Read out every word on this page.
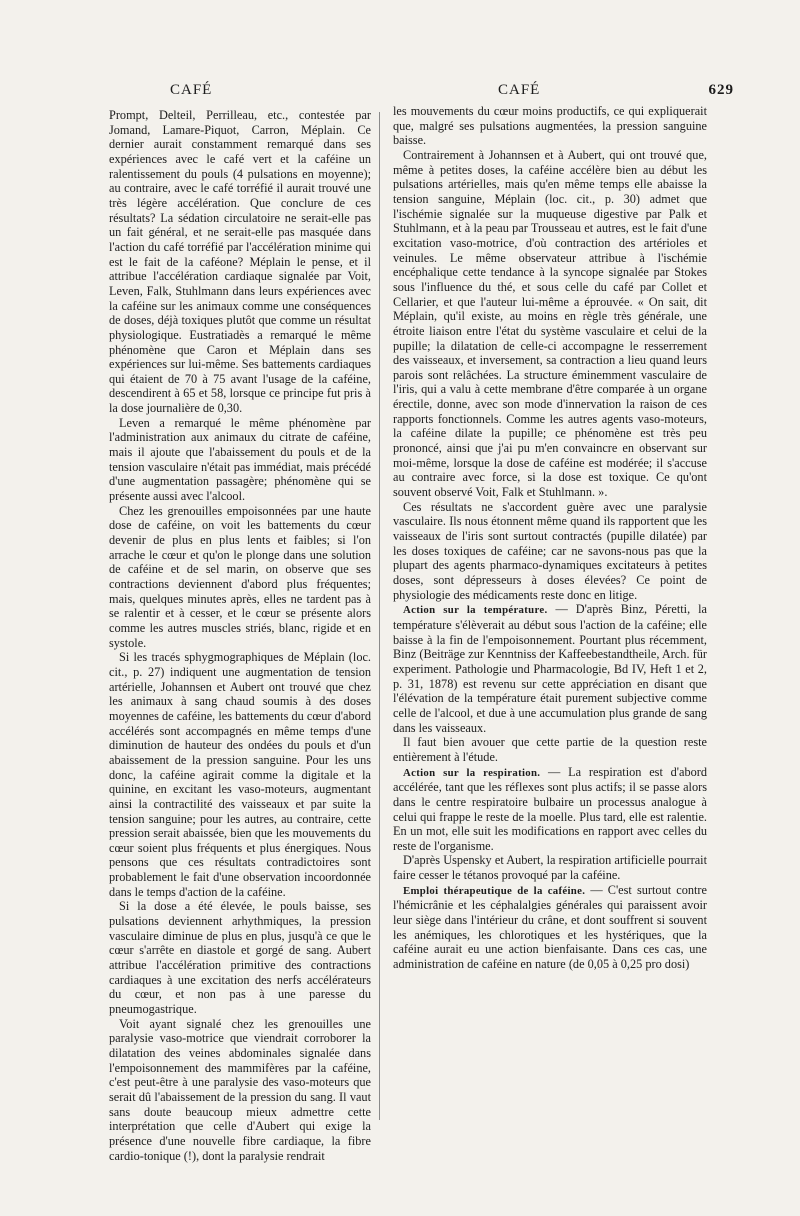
CAFÉ	CAFÉ	629

Prompt, Delteil, Perrilleau, etc., contestée par Jomand, Lamare-Piquot, Carron, Méplain. Ce dernier aurait constamment remarqué dans ses expériences avec le café vert et la caféine un ralentissement du pouls (4 pulsations en moyenne); au contraire, avec le café torréfié il aurait trouvé une très légère accélération. Que conclure de ces résultats? La sédation circulatoire ne serait-elle pas un fait général, et ne serait-elle pas masquée dans l'action du café torréfié par l'accélération minime qui est le fait de la caféone? Méplain le pense, et il attribue l'accélération cardiaque signalée par Voit, Leven, Falk, Stuhlmann dans leurs expériences avec la caféine sur les animaux comme une conséquences de doses, déjà toxiques plutôt que comme un résultat physiologique. Eustratiadès a remarqué le même phénomène que Caron et Méplain dans ses expériences sur lui-même. Ses battements cardiaques qui étaient de 70 à 75 avant l'usage de la caféine, descendirent à 65 et 58, lorsque ce principe fut pris à la dose journalière de 0,30.

Leven a remarqué le même phénomène par l'administration aux animaux du citrate de caféine, mais il ajoute que l'abaissement du pouls et de la tension vasculaire n'était pas immédiat, mais précédé d'une augmentation passagère; phénomène qui se présente aussi avec l'alcool.

Chez les grenouilles empoisonnées par une haute dose de caféine, on voit les battements du cœur devenir de plus en plus lents et faibles; si l'on arrache le cœur et qu'on le plonge dans une solution de caféine et de sel marin, on observe que ses contractions deviennent d'abord plus fréquentes; mais, quelques minutes après, elles ne tardent pas à se ralentir et à cesser, et le cœur se présente alors comme les autres muscles striés, blanc, rigide et en systole.

Si les tracés sphygmographiques de Méplain (loc. cit., p. 27) indiquent une augmentation de tension artérielle, Johannsen et Aubert ont trouvé que chez les animaux à sang chaud soumis à des doses moyennes de caféine, les battements du cœur d'abord accélérés sont accompagnés en même temps d'une diminution de hauteur des ondées du pouls et d'un abaissement de la pression sanguine. Pour les uns donc, la caféine agirait comme la digitale et la quinine, en excitant les vaso-moteurs, augmentant ainsi la contractilité des vaisseaux et par suite la tension sanguine; pour les autres, au contraire, cette pression serait abaissée, bien que les mouvements du cœur soient plus fréquents et plus énergiques. Nous pensons que ces résultats contradictoires sont probablement le fait d'une observation incoordonnée dans le temps d'action de la caféine.

Si la dose a été élevée, le pouls baisse, ses pulsations deviennent arhythmiques, la pression vasculaire diminue de plus en plus, jusqu'à ce que le cœur s'arrête en diastole et gorgé de sang. Aubert attribue l'accélération primitive des contractions cardiaques à une excitation des nerfs accélérateurs du cœur, et non pas à une paresse du pneumogastrique.

Voit ayant signalé chez les grenouilles une paralysie vaso-motrice que viendrait corroborer la dilatation des veines abdominales signalée dans l'empoisonnement des mammifères par la caféine, c'est peut-être à une paralysie des vaso-moteurs que serait dû l'abaissement de la pression du sang. Il vaut sans doute beaucoup mieux admettre cette interprétation que celle d'Aubert qui exige la présence d'une nouvelle fibre cardiaque, la fibre cardio-tonique (!), dont la paralysie rendrait

les mouvements du cœur moins productifs, ce qui expliquerait que, malgré ses pulsations augmentées, la pression sanguine baisse.

Contrairement à Johannsen et à Aubert, qui ont trouvé que, même à petites doses, la caféine accélère bien au début les pulsations artérielles, mais qu'en même temps elle abaisse la tension sanguine, Méplain (loc. cit., p. 30) admet que l'ischémie signalée sur la muqueuse digestive par Palk et Stuhlmann, et à la peau par Trousseau et autres, est le fait d'une excitation vaso-motrice, d'où contraction des artérioles et veinules. Le même observateur attribue à l'ischémie encéphalique cette tendance à la syncope signalée par Stokes sous l'influence du thé, et sous celle du café par Collet et Cellarier, et que l'auteur lui-même a éprouvée. « On sait, dit Méplain, qu'il existe, au moins en règle très générale, une étroite liaison entre l'état du système vasculaire et celui de la pupille; la dilatation de celle-ci accompagne le resserrement des vaisseaux, et inversement, sa contraction a lieu quand leurs parois sont relâchées. La structure éminemment vasculaire de l'iris, qui a valu à cette membrane d'être comparée à un organe érectile, donne, avec son mode d'innervation la raison de ces rapports fonctionnels. Comme les autres agents vaso-moteurs, la caféine dilate la pupille; ce phénomène est très peu prononcé, ainsi que j'ai pu m'en convaincre en observant sur moi-même, lorsque la dose de caféine est modérée; il s'accuse au contraire avec force, si la dose est toxique. Ce qu'ont souvent observé Voit, Falk et Stuhlmann. ».

Ces résultats ne s'accordent guère avec une paralysie vasculaire. Ils nous étonnent même quand ils rapportent que les vaisseaux de l'iris sont surtout contractés (pupille dilatée) par les doses toxiques de caféine; car ne savons-nous pas que la plupart des agents pharmaco-dynamiques excitateurs à petites doses, sont dépresseurs à doses élevées? Ce point de physiologie des médicaments reste donc en litige.

Action sur la température. — D'après Binz, Péretti, la température s'élèverait au début sous l'action de la caféine; elle baisse à la fin de l'empoisonnement. Pourtant plus récemment, Binz (Beiträge zur Kenntniss der Kaffeebestandtheile, Arch. für experiment. Pathologie und Pharmacologie, Bd IV, Heft 1 et 2, p. 31, 1878) est revenu sur cette appréciation en disant que l'élévation de la température était purement subjective comme celle de l'alcool, et due à une accumulation plus grande de sang dans les vaisseaux.

Il faut bien avouer que cette partie de la question reste entièrement à l'étude.

Action sur la respiration. — La respiration est d'abord accélérée, tant que les réflexes sont plus actifs; il se passe alors dans le centre respiratoire bulbaire un processus analogue à celui qui frappe le reste de la moelle. Plus tard, elle est ralentie. En un mot, elle suit les modifications en rapport avec celles du reste de l'organisme.

D'après Uspensky et Aubert, la respiration artificielle pourrait faire cesser le tétanos provoqué par la caféine.

Emploi thérapeutique de la caféine. — C'est surtout contre l'hémicrânie et les céphalalgies générales qui paraissent avoir leur siège dans l'intérieur du crâne, et dont souffrent si souvent les anémiques, les chlorotiques et les hystériques, que la caféine aurait eu une action bienfaisante. Dans ces cas, une administration de caféine en nature (de 0,05 à 0,25 pro dosi)
